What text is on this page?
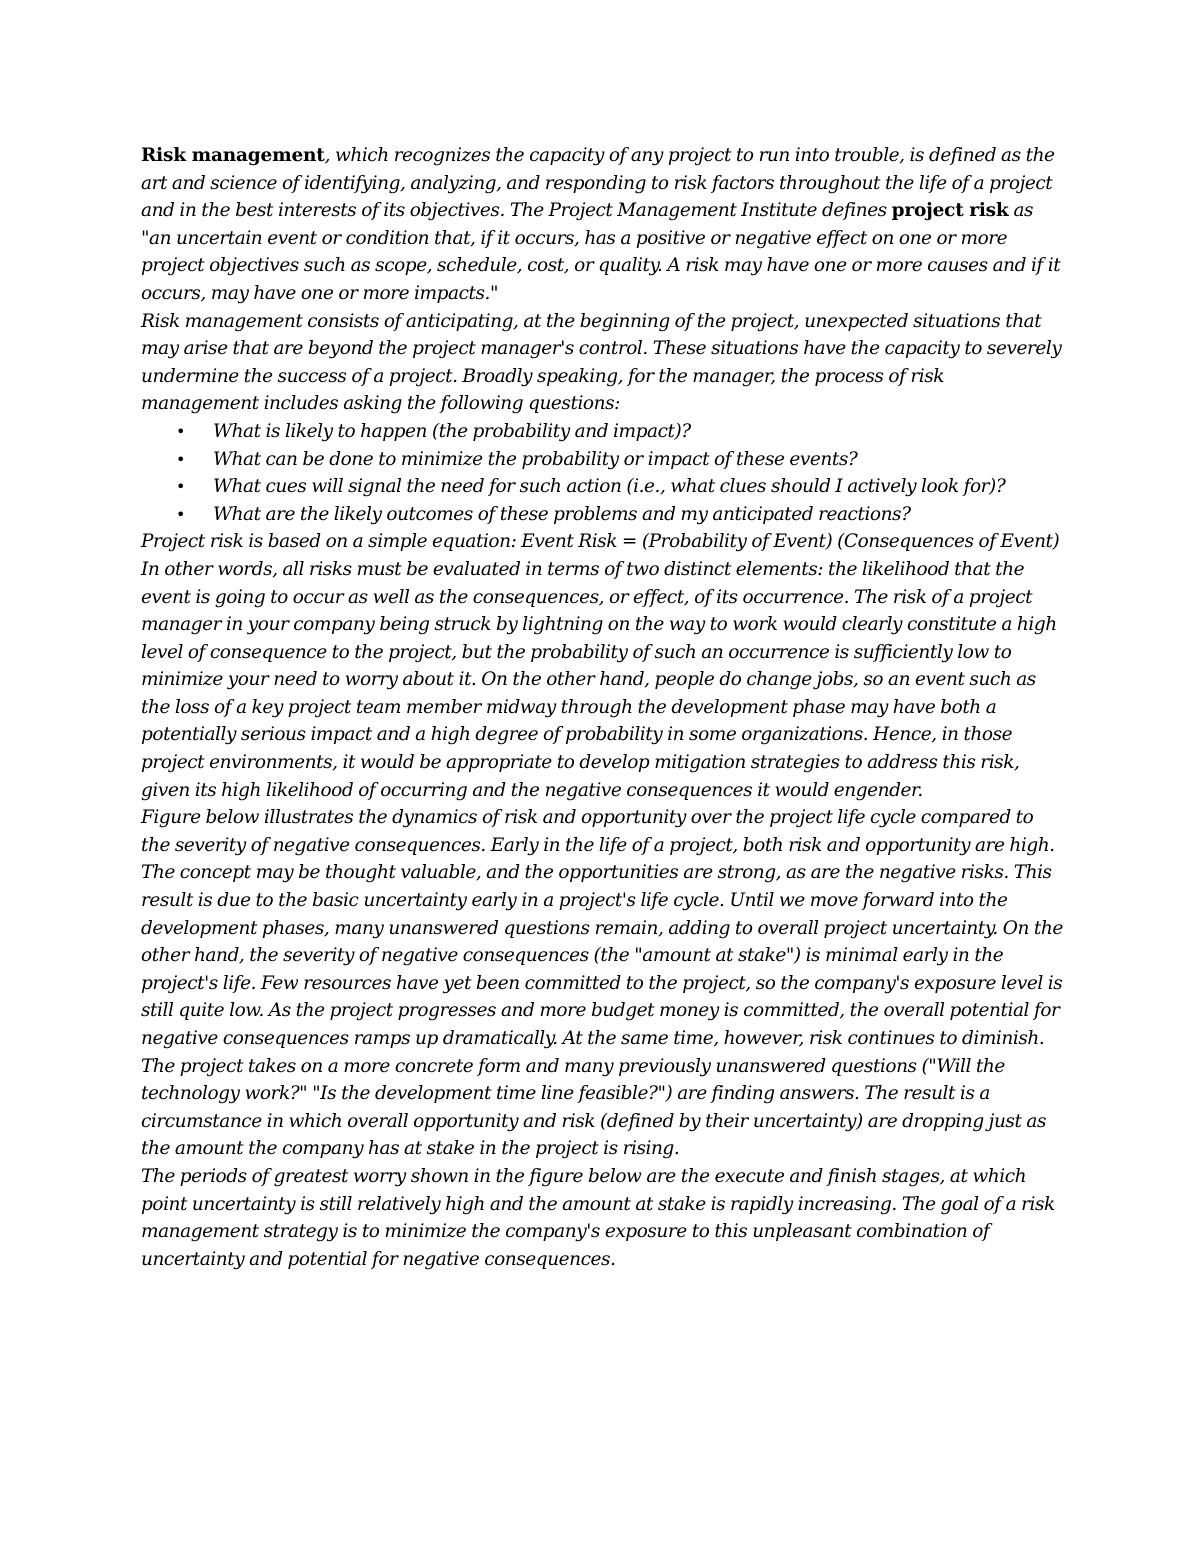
Risk management, which recognizes the capacity of any project to run into trouble, is defined as the art and science of identifying, analyzing, and responding to risk factors throughout the life of a project and in the best interests of its objectives. The Project Management Institute defines project risk as "an uncertain event or condition that, if it occurs, has a positive or negative effect on one or more project objectives such as scope, schedule, cost, or quality. A risk may have one or more causes and if it occurs, may have one or more impacts."

Risk management consists of anticipating, at the beginning of the project, unexpected situations that may arise that are beyond the project manager's control. These situations have the capacity to severely undermine the success of a project. Broadly speaking, for the manager, the process of risk management includes asking the following questions:

• What is likely to happen (the probability and impact)?
• What can be done to minimize the probability or impact of these events?
• What cues will signal the need for such action (i.e., what clues should I actively look for)?
• What are the likely outcomes of these problems and my anticipated reactions?

Project risk is based on a simple equation: Event Risk = (Probability of Event) (Consequences of Event)

In other words, all risks must be evaluated in terms of two distinct elements: the likelihood that the event is going to occur as well as the consequences, or effect, of its occurrence. The risk of a project manager in your company being struck by lightning on the way to work would clearly constitute a high level of consequence to the project, but the probability of such an occurrence is sufficiently low to minimize your need to worry about it. On the other hand, people do change jobs, so an event such as the loss of a key project team member midway through the development phase may have both a potentially serious impact and a high degree of probability in some organizations. Hence, in those project environments, it would be appropriate to develop mitigation strategies to address this risk, given its high likelihood of occurring and the negative consequences it would engender.

Figure below illustrates the dynamics of risk and opportunity over the project life cycle compared to the severity of negative consequences. Early in the life of a project, both risk and opportunity are high. The concept may be thought valuable, and the opportunities are strong, as are the negative risks. This result is due to the basic uncertainty early in a project's life cycle. Until we move forward into the development phases, many unanswered questions remain, adding to overall project uncertainty. On the other hand, the severity of negative consequences (the "amount at stake") is minimal early in the project's life. Few resources have yet been committed to the project, so the company's exposure level is still quite low. As the project progresses and more budget money is committed, the overall potential for negative consequences ramps up dramatically. At the same time, however, risk continues to diminish. The project takes on a more concrete form and many previously unanswered questions ("Will the technology work?" "Is the development time line feasible?") are finding answers. The result is a circumstance in which overall opportunity and risk (defined by their uncertainty) are dropping just as the amount the company has at stake in the project is rising.

The periods of greatest worry shown in the figure below are the execute and finish stages, at which point uncertainty is still relatively high and the amount at stake is rapidly increasing. The goal of a risk management strategy is to minimize the company's exposure to this unpleasant combination of uncertainty and potential for negative consequences.
